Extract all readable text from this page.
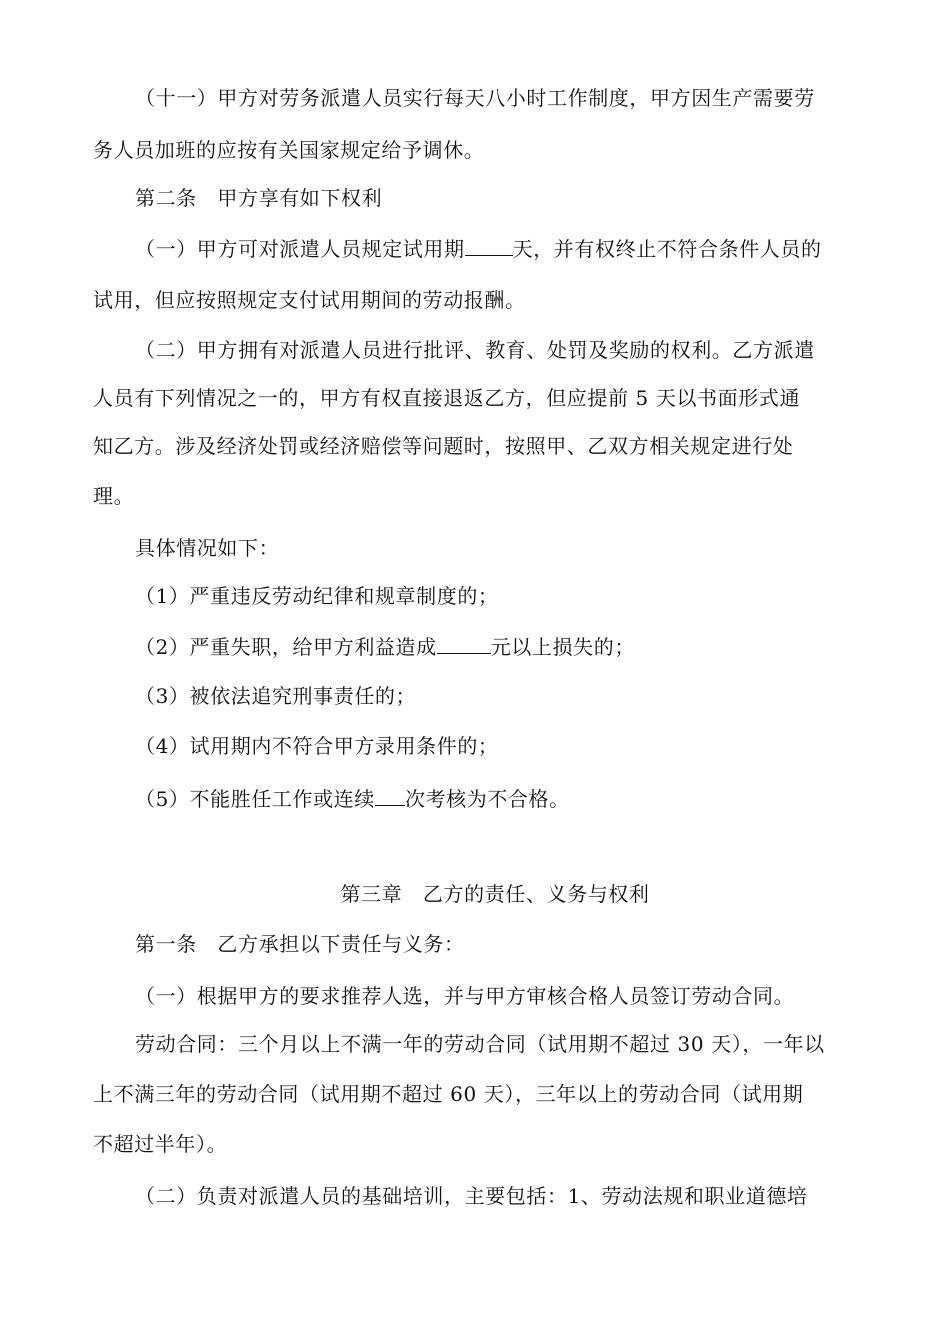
（十一）甲方对劳务派遣人员实行每天八小时工作制度，甲方因生产需要劳
务人员加班的应按有关国家规定给予调休。
第二条　甲方享有如下权利
（一）甲方可对派遣人员规定试用期 天，并有权终止不符合条件人员的
试用，但应按照规定支付试用期间的劳动报酬。
（二）甲方拥有对派遣人员进行批评、教育、处罚及奖励的权利。乙方派遣
人员有下列情况之一的，甲方有权直接退返乙方，但应提前 5 天以书面形式通
知乙方。涉及经济处罚或经济赔偿等问题时，按照甲、乙双方相关规定进行处
理。
具体情况如下：
（1）严重违反劳动纪律和规章制度的；
（2）严重失职，给甲方利益造成	元以上损失的；
（3）被依法追究刑事责任的；
（4）试用期内不符合甲方录用条件的；
（5）不能胜任工作或连续 次考核为不合格。
第三章　乙方的责任、义务与权利
第一条　乙方承担以下责任与义务：
（一）根据甲方的要求推荐人选，并与甲方审核合格人员签订劳动合同。
劳动合同：三个月以上不满一年的劳动合同（试用期不超过 30 天），一年以
上不满三年的劳动合同（试用期不超过 60 天），三年以上的劳动合同（试用期
不超过半年）。
（二）负责对派遣人员的基础培训，主要包括：1、劳动法规和职业道德培
